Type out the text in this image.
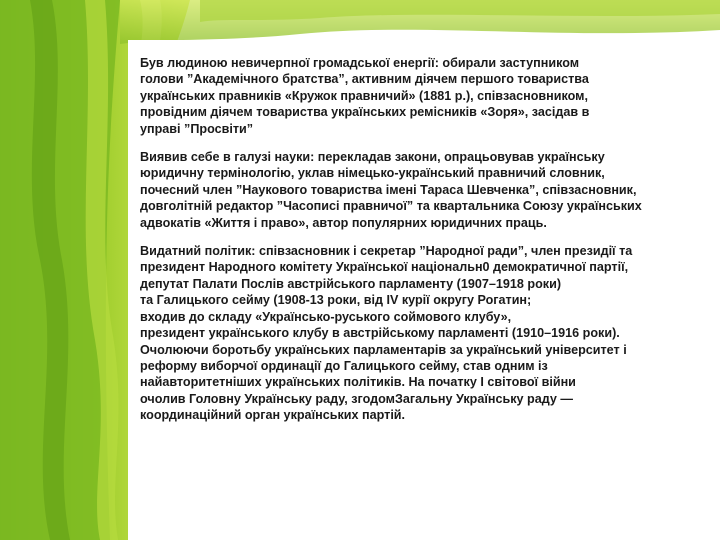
Був людиною невичерпної громадської енергії: обирали заступником
голови ”Академічного братства”, активним діячем першого товариства
українських правників «Кружок правничий» (1881 р.), співзасновником,
провідним діячем товариства українських ремісників «Зоря», засідав в
управі ”Просвіти”

Виявив себе в галузі науки: перекладав закони, опрацьовував українську
юридичну термінологію, уклав німецько-український правничий словник,
почесний член ”Наукового товариства імені Тараса Шевченка”, співзасновник,
довголітній редактор ”Часописі правничої” та квартальника Союзу українських
адвокатів «Життя і право», автор популярних юридичних праць.

Видатний політик: співзасновник і секретар ”Народної ради”, член президії та
президент Народного комітету Української національн0 демократичної партії,
депутат Палати Послів австрійського парламенту (1907–1918 роки)
та Галицького сейму (1908-13 роки, від IV курії округу Рогатин;
входив до складу «Українсько-руського соймового клубу»,
президент українського клубу в австрійському парламенті (1910–1916 роки).
Очолюючи боротьбу українських парламентарів за український університет і
реформу виборчої ординації до Галицького сейму, став одним із
найавторитетніших українських політиків. На початку І світової війни
очолив Головну Українську раду, згодомЗагальну Українську раду —
координаційний орган українських партій.
